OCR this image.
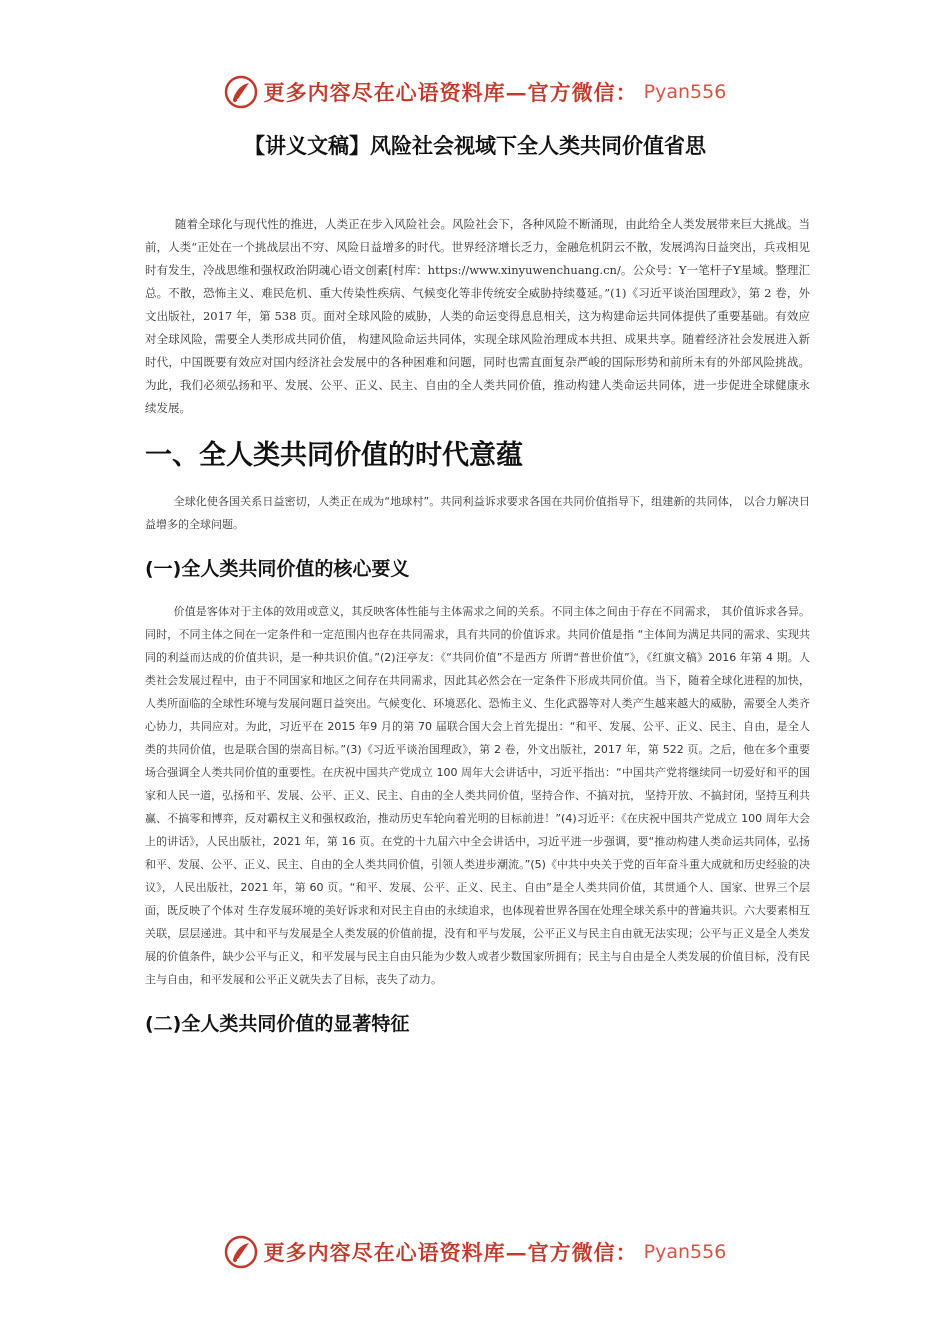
更多内容尽在心语资料库—官方微信： Pyan556
【讲义文稿】风险社会视域下全人类共同价值省思

随着全球化与现代性的推进，人类正在步入风险社会。风险社会下，各种风险不断涌现，由此给全人类发展带来巨大挑战。当前，人类“正处在一个挑战层出不穷、风险日益增多的时代。世界经济增长乏力，金融危机阴云不散，发展鸿沟日益突出，兵戎相见时有发生，冷战思维和强权政治阴魂心语文创素[村库：https://www.xinyuwenchuang.cn/。公众号：Y一笔杆子Y星域。整理汇总。不散，恐怖主义、难民危机、重大传染性疾病、气候变化等非传统安全威胁持续蔓延。”(1)《习近平谈治国理政》，第 2 卷，外文出版社，2017 年，第 538 页。面对全球风险的威胁，人类的命运变得息息相关，这为构建命运共同体提供了重要基础。有效应对全球风险，需要全人类形成共同价值， 构建风险命运共同体，实现全球风险治理成本共担、成果共享。随着经济社会发展进入新时代，中国既要有效应对国内经济社会发展中的各种困难和问题，同时也需直面复杂严峻的国际形势和前所未有的外部风险挑战。为此，我们必须弘扬和平、发展、公平、正义、民主、自由的全人类共同价值，推动构建人类命运共同体，进一步促进全球健康永续发展。

一、全人类共同价值的时代意蕴

全球化使各国关系日益密切，人类正在成为“地球村”。共同利益诉求要求各国在共同价值指导下，组建新的共同体， 以合力解决日益增多的全球问题。

(一)全人类共同价值的核心要义

价值是客体对于主体的效用或意义，其反映客体性能与主体需求之间的关系。不同主体之间由于存在不同需求， 其价值诉求各异。同时，不同主体之间在一定条件和一定范围内也存在共同需求，具有共同的价值诉求。共同价值是指 “主体间为满足共同的需求、实现共同的利益而达成的价值共识，是一种共识价值。”(2)汪亭友：《“共同价值”不是西方 所谓“普世价值”》，《红旗文稿》2016 年第 4 期。人类社会发展过程中，由于不同国家和地区之间存在共同需求，因此其必然会在一定条件下形成共同价值。当下，随着全球化进程的加快，人类所面临的全球性环境与发展问题日益突出。气候变化、环境恶化、恐怖主义、生化武器等对人类产生越来越大的威胁，需要全人类齐心协力，共同应对。为此，习近平在 2015 年9 月的第 70 届联合国大会上首先提出：“和平、发展、公平、正义、民主、自由，是全人类的共同价值，也是联合国的崇高目标。”(3)《习近平谈治国理政》，第 2 卷，外文出版社，2017 年，第 522 页。之后，他在多个重要场合强调全人类共同价值的重要性。在庆祝中国共产党成立 100 周年大会讲话中，习近平指出：“中国共产党将继续同一切爱好和平的国家和人民一道，弘扬和平、发展、公平、正义、民主、自由的全人类共同价值，坚持合作、不搞对抗， 坚持开放、不搞封闭，坚持互利共赢、不搞零和博弈，反对霸权主义和强权政治，推动历史车轮向着光明的目标前进！”(4)习近平：《在庆祝中国共产党成立 100 周年大会上的讲话》，人民出版社，2021 年，第 16 页。在党的十九届六中全会讲话中，习近平进一步强调，要“推动构建人类命运共同体，弘扬和平、发展、公平、正义、民主、自由的全人类共同价值，引领人类进步潮流。”(5)《中共中央关于党的百年奋斗重大成就和历史经验的决议》，人民出版社，2021 年，第 60 页。“和平、发展、公平、正义、民主、自由”是全人类共同价值，其贯通个人、国家、世界三个层面，既反映了个体对 生存发展环境的美好诉求和对民主自由的永续追求，也体现着世界各国在处理全球关系中的普遍共识。六大要素相互关联，层层递进。其中和平与发展是全人类发展的价值前提，没有和平与发展，公平正义与民主自由就无法实现；公平与正义是全人类发展的价值条件，缺少公平与正义，和平发展与民主自由只能为少数人或者少数国家所拥有；民主与自由是全人类发展的价值目标，没有民主与自由，和平发展和公平正义就失去了目标，丧失了动力。

(二)全人类共同价值的显著特征
更多内容尽在心语资料库—官方微信： Pyan556
